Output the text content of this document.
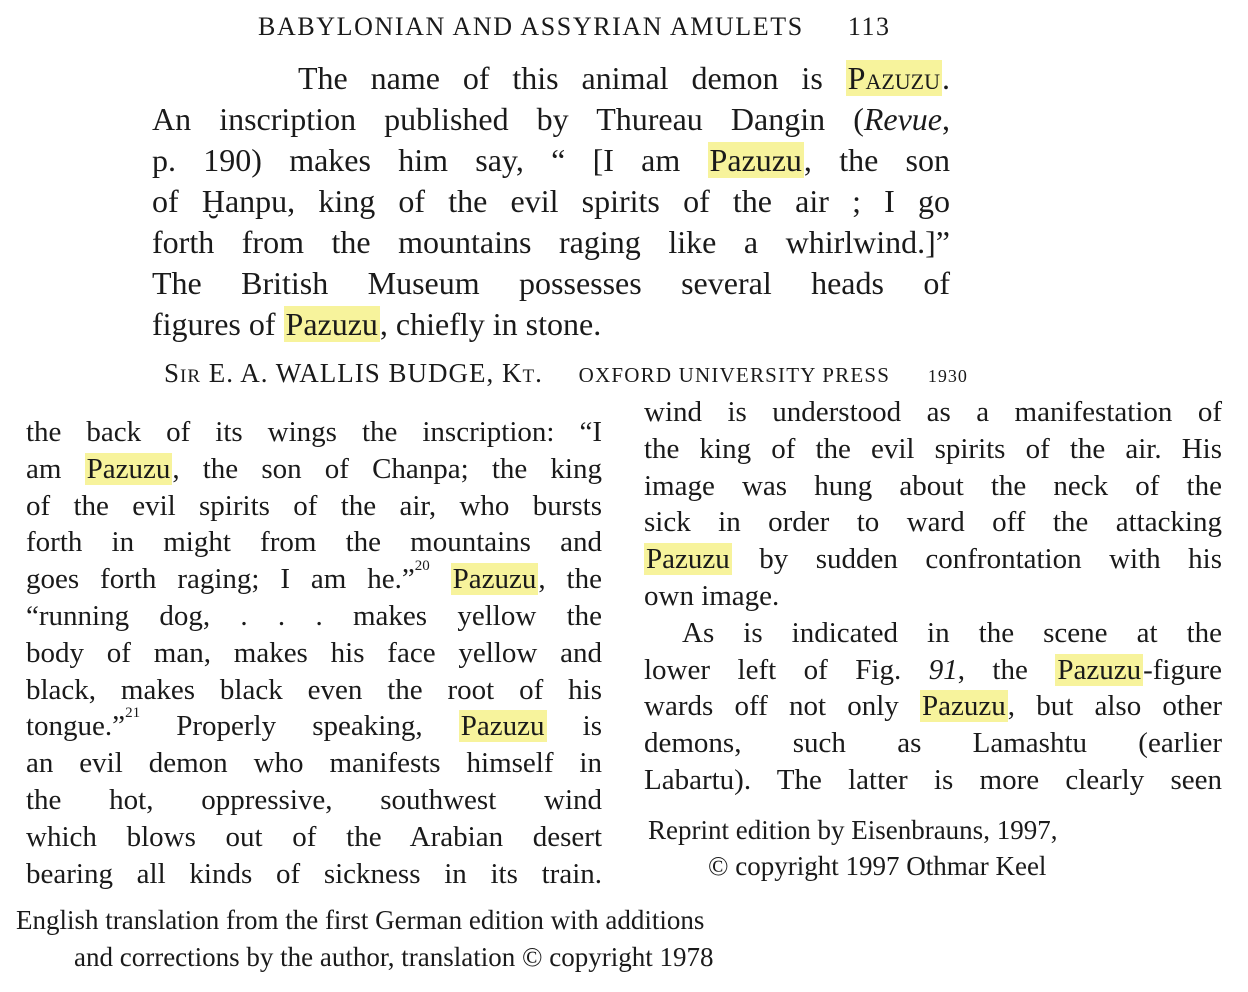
BABYLONIAN AND ASSYRIAN AMULETS 113
The name of this animal demon is Pazuzu.
An inscription published by Thureau Dangin (Revue,
p. 190) makes him say, “ [I am Pazuzu, the son
of Ḫanpu, king of the evil spirits of the air ; I go
forth from the mountains raging like a whirlwind.]”
The British Museum possesses several heads of
figures of Pazuzu, chiefly in stone.
Sir E. A. WALLIS BUDGE, Kt. OXFORD UNIVERSITY PRESS 1930
the back of its wings the inscription: “I
am Pazuzu, the son of Chanpa; the king
of the evil spirits of the air, who bursts
forth in might from the mountains and
goes forth raging; I am he.”$^{20}$ Pazuzu, the
“running dog, . . . makes yellow the
body of man, makes his face yellow and
black, makes black even the root of his
tongue.”$^{21}$ Properly speaking, Pazuzu is
an evil demon who manifests himself in
the hot, oppressive, southwest wind
which blows out of the Arabian desert
bearing all kinds of sickness in its train.
wind is understood as a manifestation of
the king of the evil spirits of the air. His
image was hung about the neck of the
sick in order to ward off the attacking
Pazuzu by sudden confrontation with his
own image.
As is indicated in the scene at the
lower left of Fig. 91, the Pazuzu-figure
wards off not only Pazuzu, but also other
demons, such as Lamashtu (earlier
Labartu). The latter is more clearly seen
Reprint edition by Eisenbrauns, 1997,
© copyright 1997 Othmar Keel
English translation from the first German edition with additions
and corrections by the author, translation © copyright 1978
